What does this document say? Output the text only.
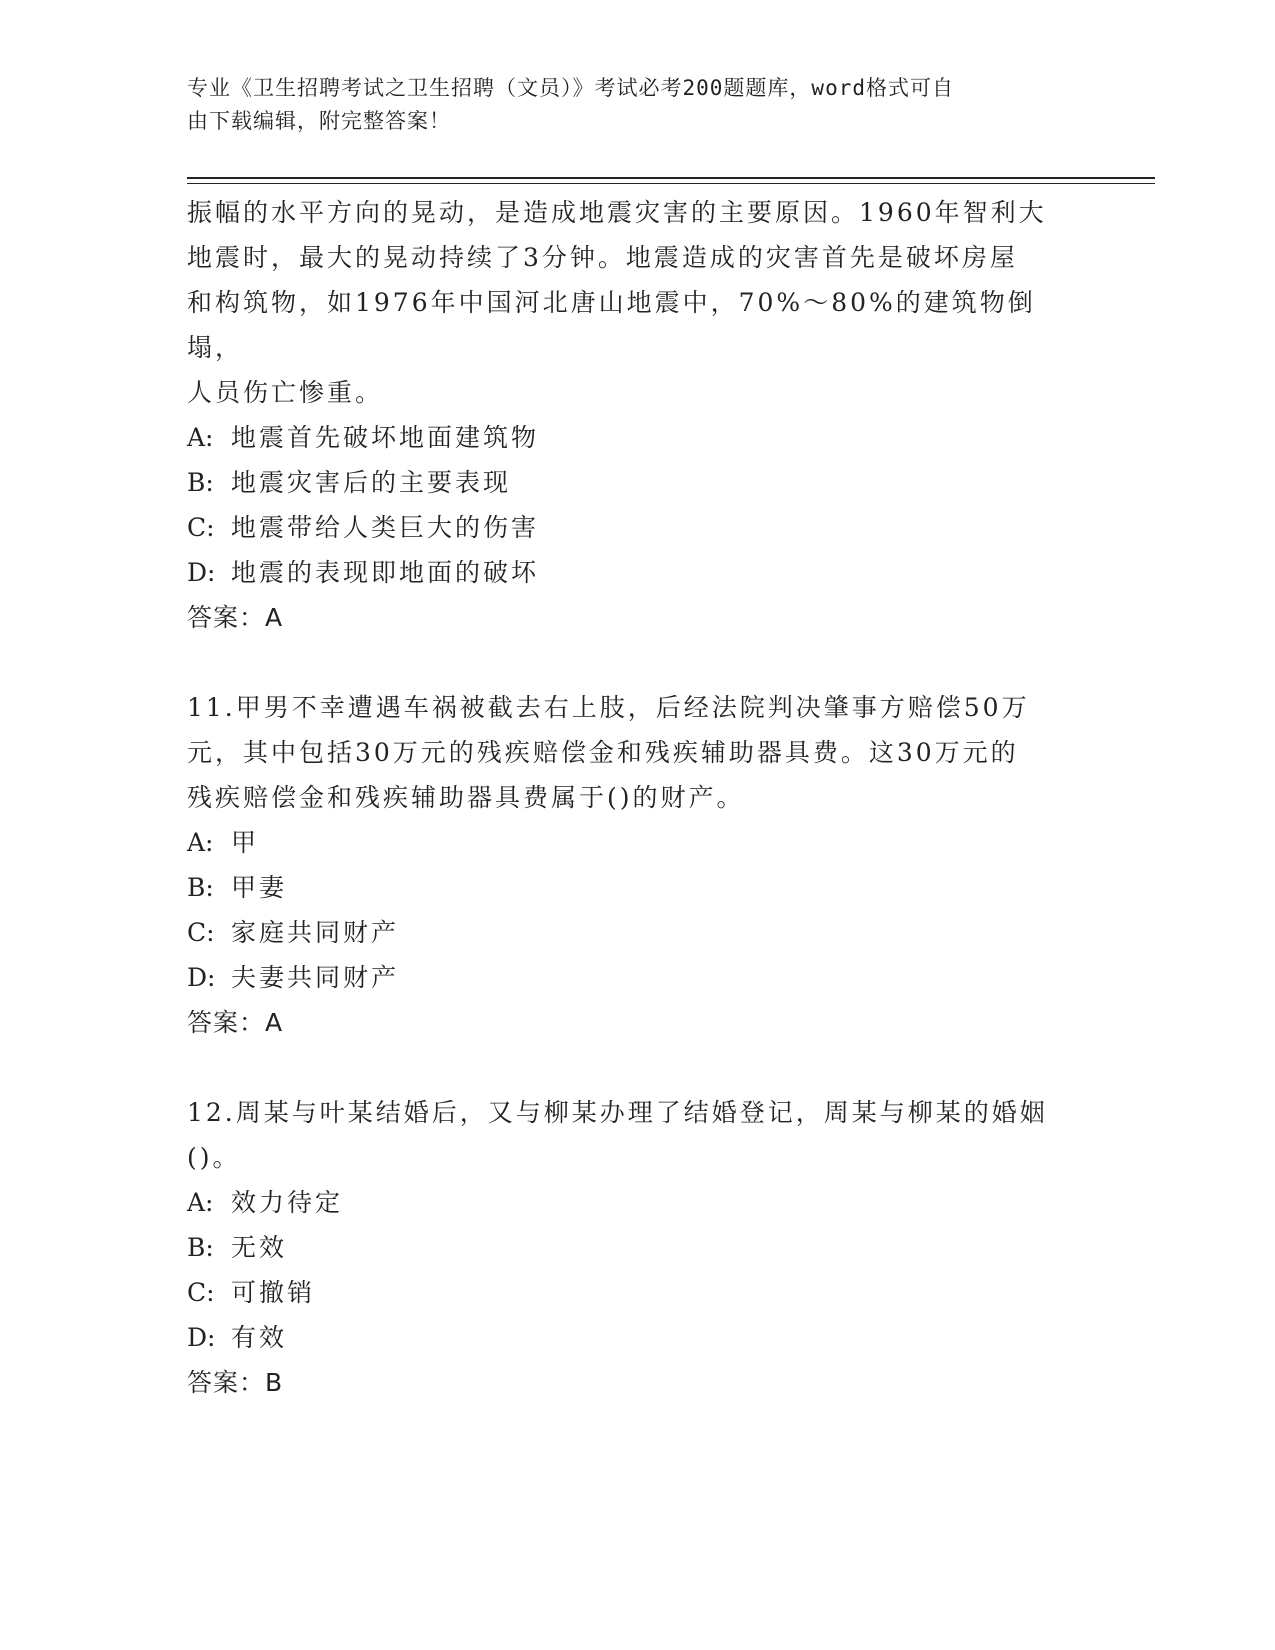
专业《卫生招聘考试之卫生招聘（文员）》考试必考200题题库，word格式可自
由下载编辑，附完整答案！

振幅的水平方向的晃动，是造成地震灾害的主要原因。1960年智利大

地震时，最大的晃动持续了3分钟。地震造成的灾害首先是破坏房屋

和构筑物，如1976年中国河北唐山地震中，70%～80%的建筑物倒塌，

人员伤亡惨重。

A: 地震首先破坏地面建筑物

B: 地震灾害后的主要表现

C: 地震带给人类巨大的伤害

D: 地震的表现即地面的破坏

答案：A

11.甲男不幸遭遇车祸被截去右上肢，后经法院判决肇事方赔偿50万

元，其中包括30万元的残疾赔偿金和残疾辅助器具费。这30万元的

残疾赔偿金和残疾辅助器具费属于()的财产。

A: 甲

B: 甲妻

C: 家庭共同财产

D: 夫妻共同财产

答案：A

12.周某与叶某结婚后，又与柳某办理了结婚登记，周某与柳某的婚姻

()。

A: 效力待定

B: 无效

C: 可撤销

D: 有效

答案：B
